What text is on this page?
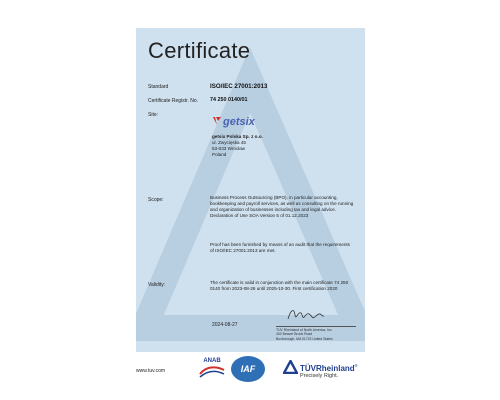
Certificate
Standard	ISO/IEC 27001:2013
Certificate Registr. No. 74 250 0140/01
Site:
getsix
getsix Polska Sp. z o.o.
ul. Zwycięska 45
53-033 Wrocław
Poland
Scope:	Business Process Outsourcing (BPO), in particular accounting, bookkeeping and payroll services, as well as consulting on the running and organization of businesses including tax and legal advice. Declaration of Use SOA Version 5 of 01.12.2023
Proof has been furnished by means of an audit that the requirements of ISO/IEC 27001:2013 are met.
Validity:	The certificate is valid in conjunction with the main certificate 74 250 0140 from 2023-08-26 until 2025-10-30. First certification 2020
2024-08-27
TÜV Rheinland of North America, Inc.
400 Beaver Brook Road
Boxborough, MA 01719 United States
www.tuv.com
ANAB
IAF	TÜVRheinland®
Precisely Right.
